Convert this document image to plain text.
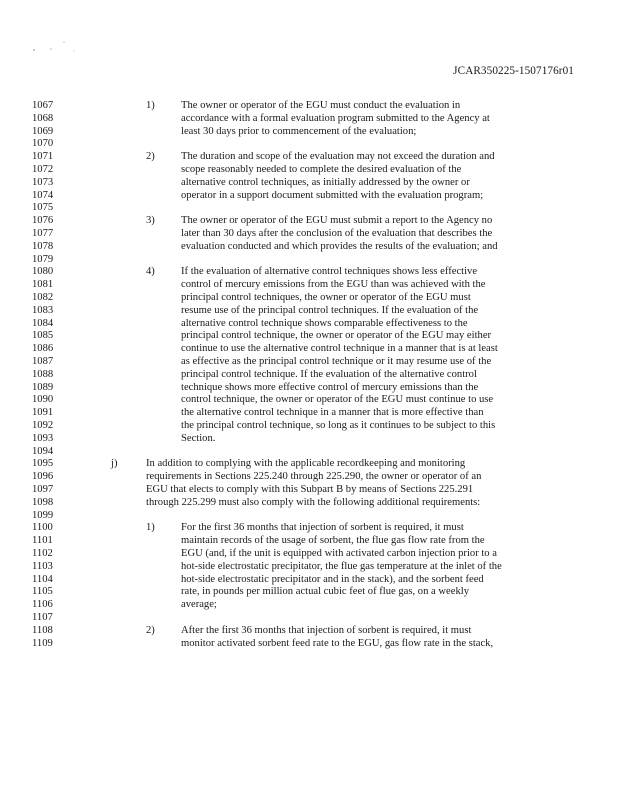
JCAR350225-1507176r01
1067	1) The owner or operator of the EGU must conduct the evaluation in
1068	accordance with a formal evaluation program submitted to the Agency at
1069	least 30 days prior to commencement of the evaluation;
1070
1071	2) The duration and scope of the evaluation may not exceed the duration and
1072	scope reasonably needed to complete the desired evaluation of the
1073	alternative control techniques, as initially addressed by the owner or
1074	operator in a support document submitted with the evaluation program;
1075
1076	3) The owner or operator of the EGU must submit a report to the Agency no
1077	later than 30 days after the conclusion of the evaluation that describes the
1078	evaluation conducted and which provides the results of the evaluation; and
1079
1080	4) If the evaluation of alternative control techniques shows less effective
1081	control of mercury emissions from the EGU than was achieved with the
1082	principal control techniques, the owner or operator of the EGU must
1083	resume use of the principal control techniques. If the evaluation of the
1084	alternative control technique shows comparable effectiveness to the
1085	principal control technique, the owner or operator of the EGU may either
1086	continue to use the alternative control technique in a manner that is at least
1087	as effective as the principal control technique or it may resume use of the
1088	principal control technique. If the evaluation of the alternative control
1089	technique shows more effective control of mercury emissions than the
1090	control technique, the owner or operator of the EGU must continue to use
1091	the alternative control technique in a manner that is more effective than
1092	the principal control technique, so long as it continues to be subject to this
1093	Section.
1094
1095	j)	In addition to complying with the applicable recordkeeping and monitoring
1096	requirements in Sections 225.240 through 225.290, the owner or operator of an
1097	EGU that elects to comply with this Subpart B by means of Sections 225.291
1098	through 225.299 must also comply with the following additional requirements:
1099
1100	1) For the first 36 months that injection of sorbent is required, it must
1101	maintain records of the usage of sorbent, the flue gas flow rate from the
1102	EGU (and, if the unit is equipped with activated carbon injection prior to a
1103	hot-side electrostatic precipitator, the flue gas temperature at the inlet of the
1104	hot-side electrostatic precipitator and in the stack), and the sorbent feed
1105	rate, in pounds per million actual cubic feet of flue gas, on a weekly
1106	average;
1107
1108	2) After the first 36 months that injection of sorbent is required, it must
1109	monitor activated sorbent feed rate to the EGU, gas flow rate in the stack,
